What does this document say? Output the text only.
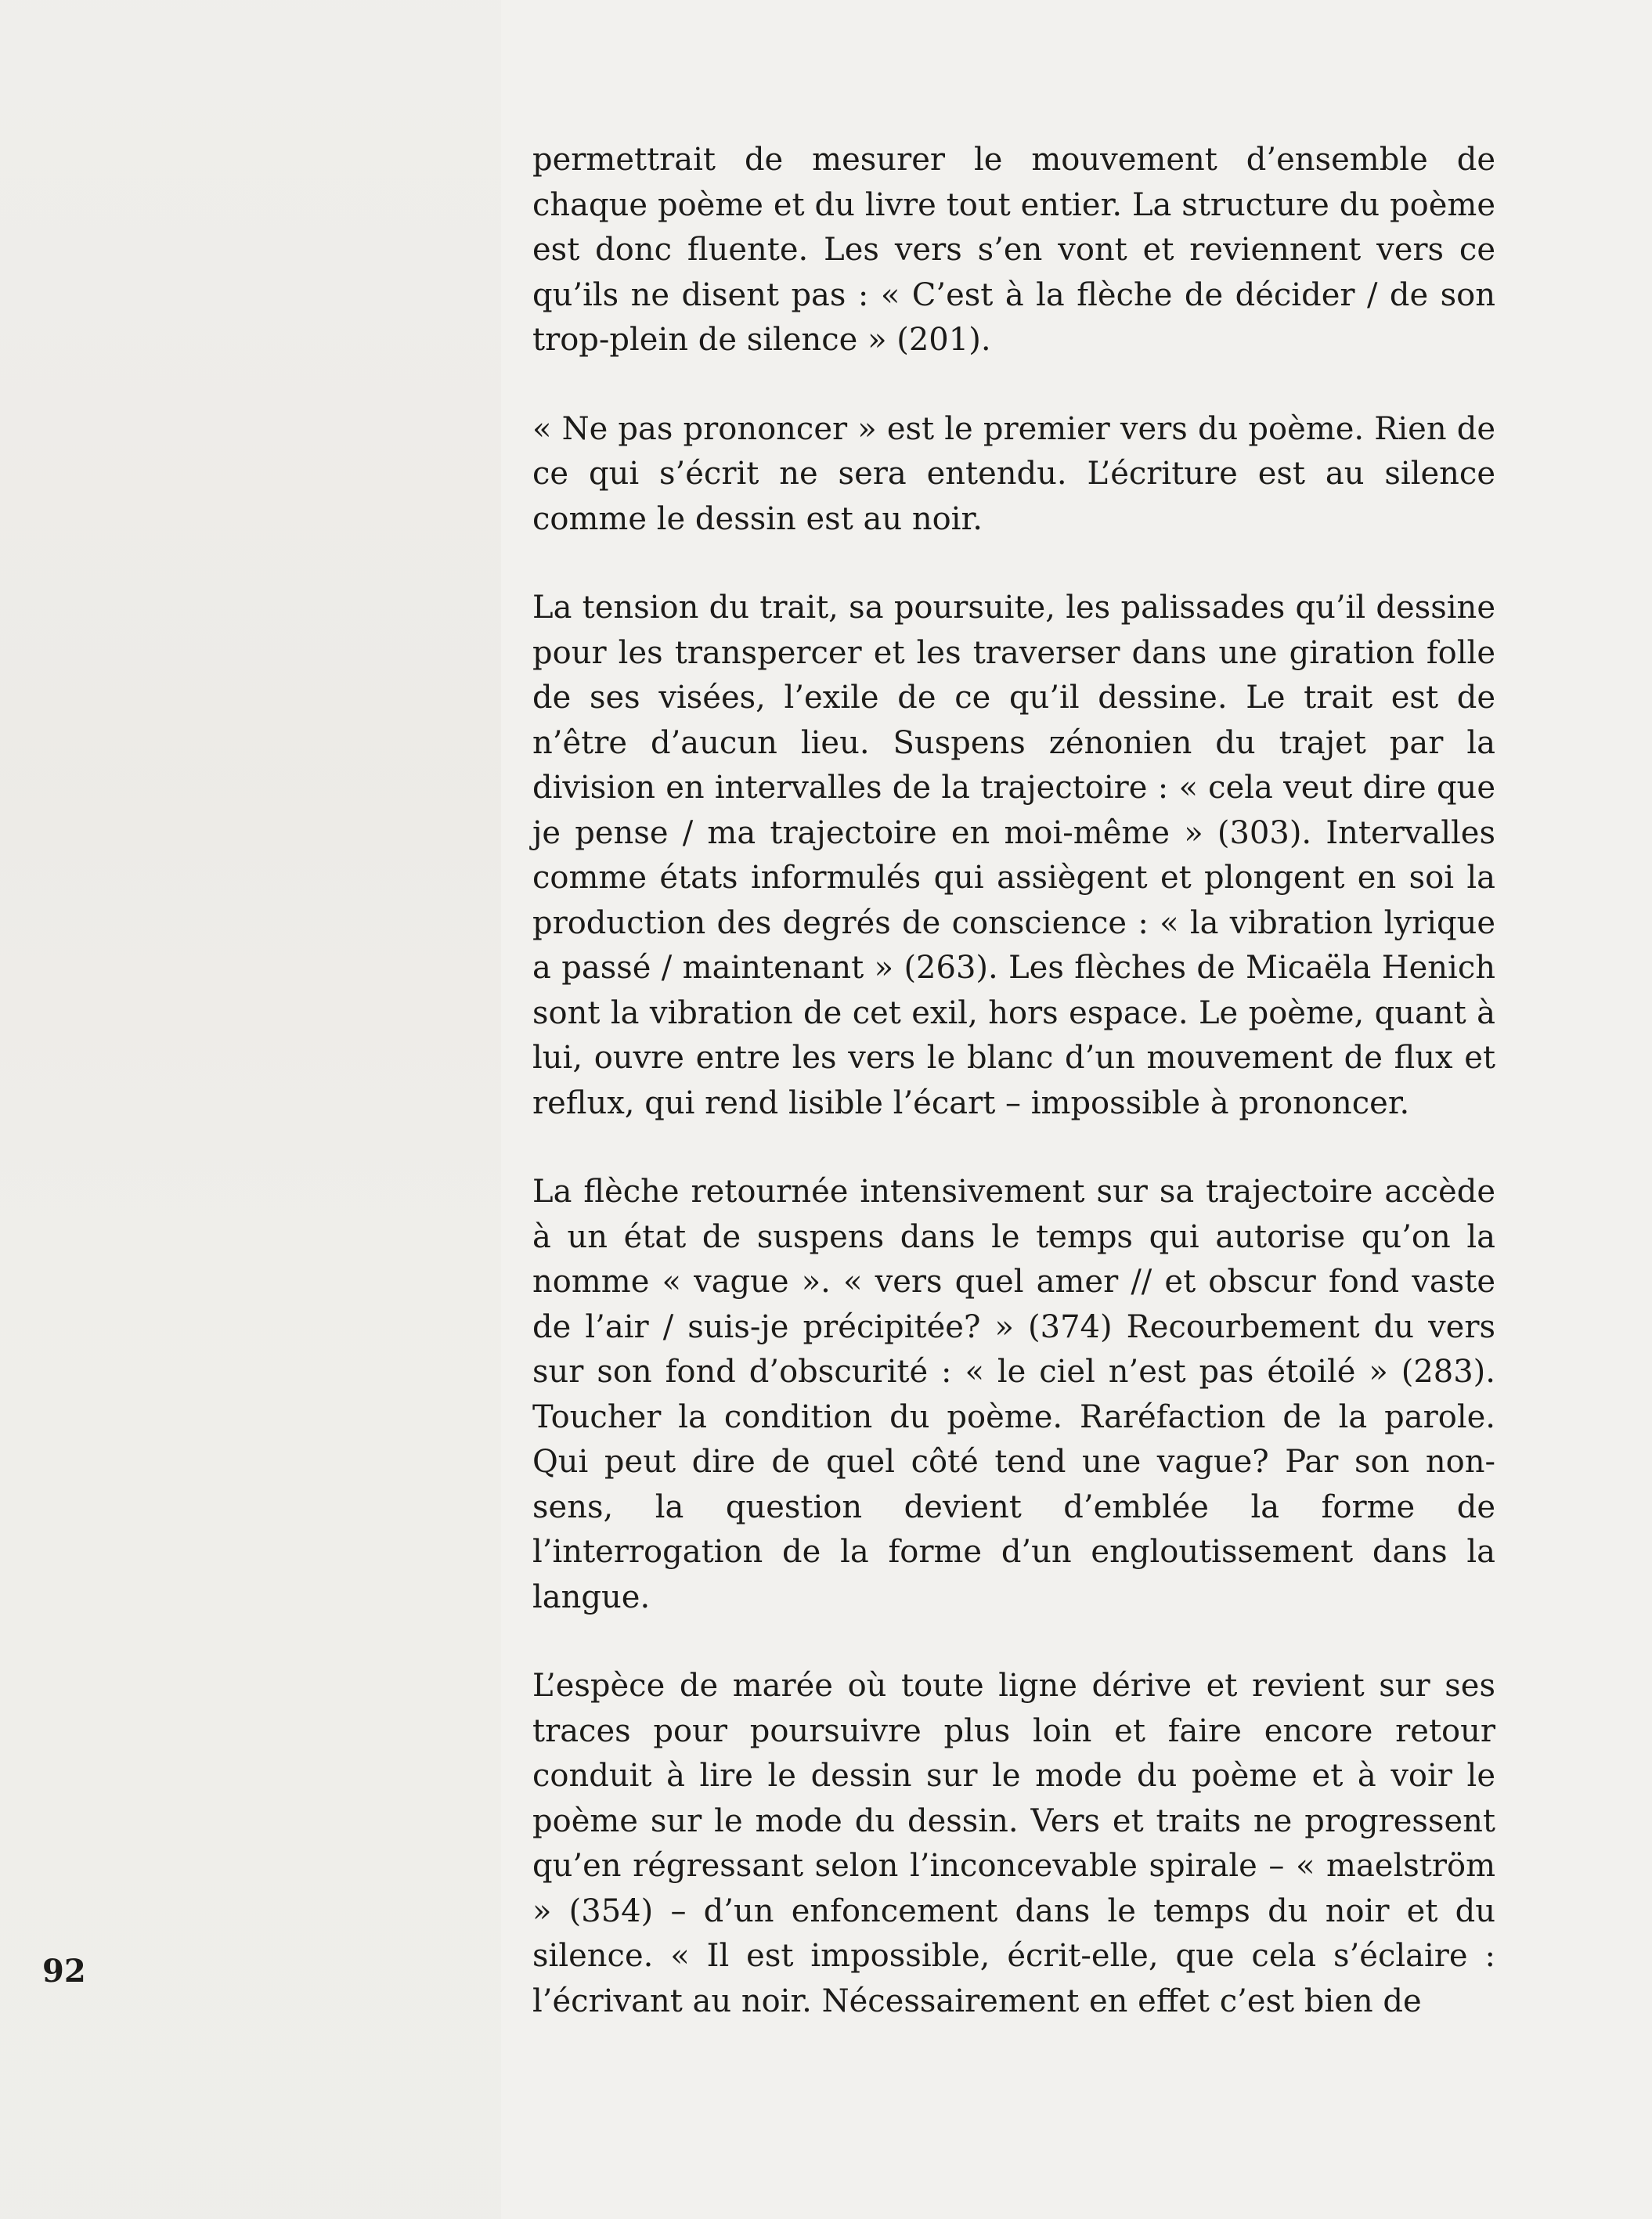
permettrait de mesurer le mouvement d’ensemble de chaque poème et du livre tout entier. La structure du poème est donc fluente. Les vers s’en vont et reviennent vers ce qu’ils ne disent pas : « C’est à la flèche de décider / de son trop-plein de silence » (201).

« Ne pas prononcer » est le premier vers du poème. Rien de ce qui s’écrit ne sera entendu. L’écriture est au silence comme le dessin est au noir.

La tension du trait, sa poursuite, les palissades qu’il dessine pour les transpercer et les traverser dans une giration folle de ses visées, l’exile de ce qu’il dessine. Le trait est de n’être d’aucun lieu. Suspens zénonien du trajet par la division en intervalles de la trajectoire : « cela veut dire que je pense / ma trajectoire en moi-même » (303). Intervalles comme états informulés qui assiègent et plongent en soi la production des degrés de conscience : « la vibration lyrique a passé / maintenant » (263). Les flèches de Micaëla Henich sont la vibration de cet exil, hors espace. Le poème, quant à lui, ouvre entre les vers le blanc d’un mouvement de flux et reflux, qui rend lisible l’écart – impossible à prononcer.

La flèche retournée intensivement sur sa trajectoire accède à un état de suspens dans le temps qui autorise qu’on la nomme « vague ». « vers quel amer // et obscur fond vaste de l’air / suis-je précipitée? » (374) Recourbement du vers sur son fond d’obscurité : « le ciel n’est pas étoilé » (283). Toucher la condition du poème. Raréfaction de la parole. Qui peut dire de quel côté tend une vague? Par son non-sens, la question devient d’emblée la forme de l’interrogation de la forme d’un engloutissement dans la langue.

L’espèce de marée où toute ligne dérive et revient sur ses traces pour poursuivre plus loin et faire encore retour conduit à lire le dessin sur le mode du poème et à voir le poème sur le mode du dessin. Vers et traits ne progressent qu’en régressant selon l’inconcevable spirale – « maelström » (354) – d’un enfoncement dans le temps du noir et du silence. « Il est impossible, écrit-elle, que cela s’éclaire : l’écrivant au noir. Nécessairement en effet c’est bien de

92
